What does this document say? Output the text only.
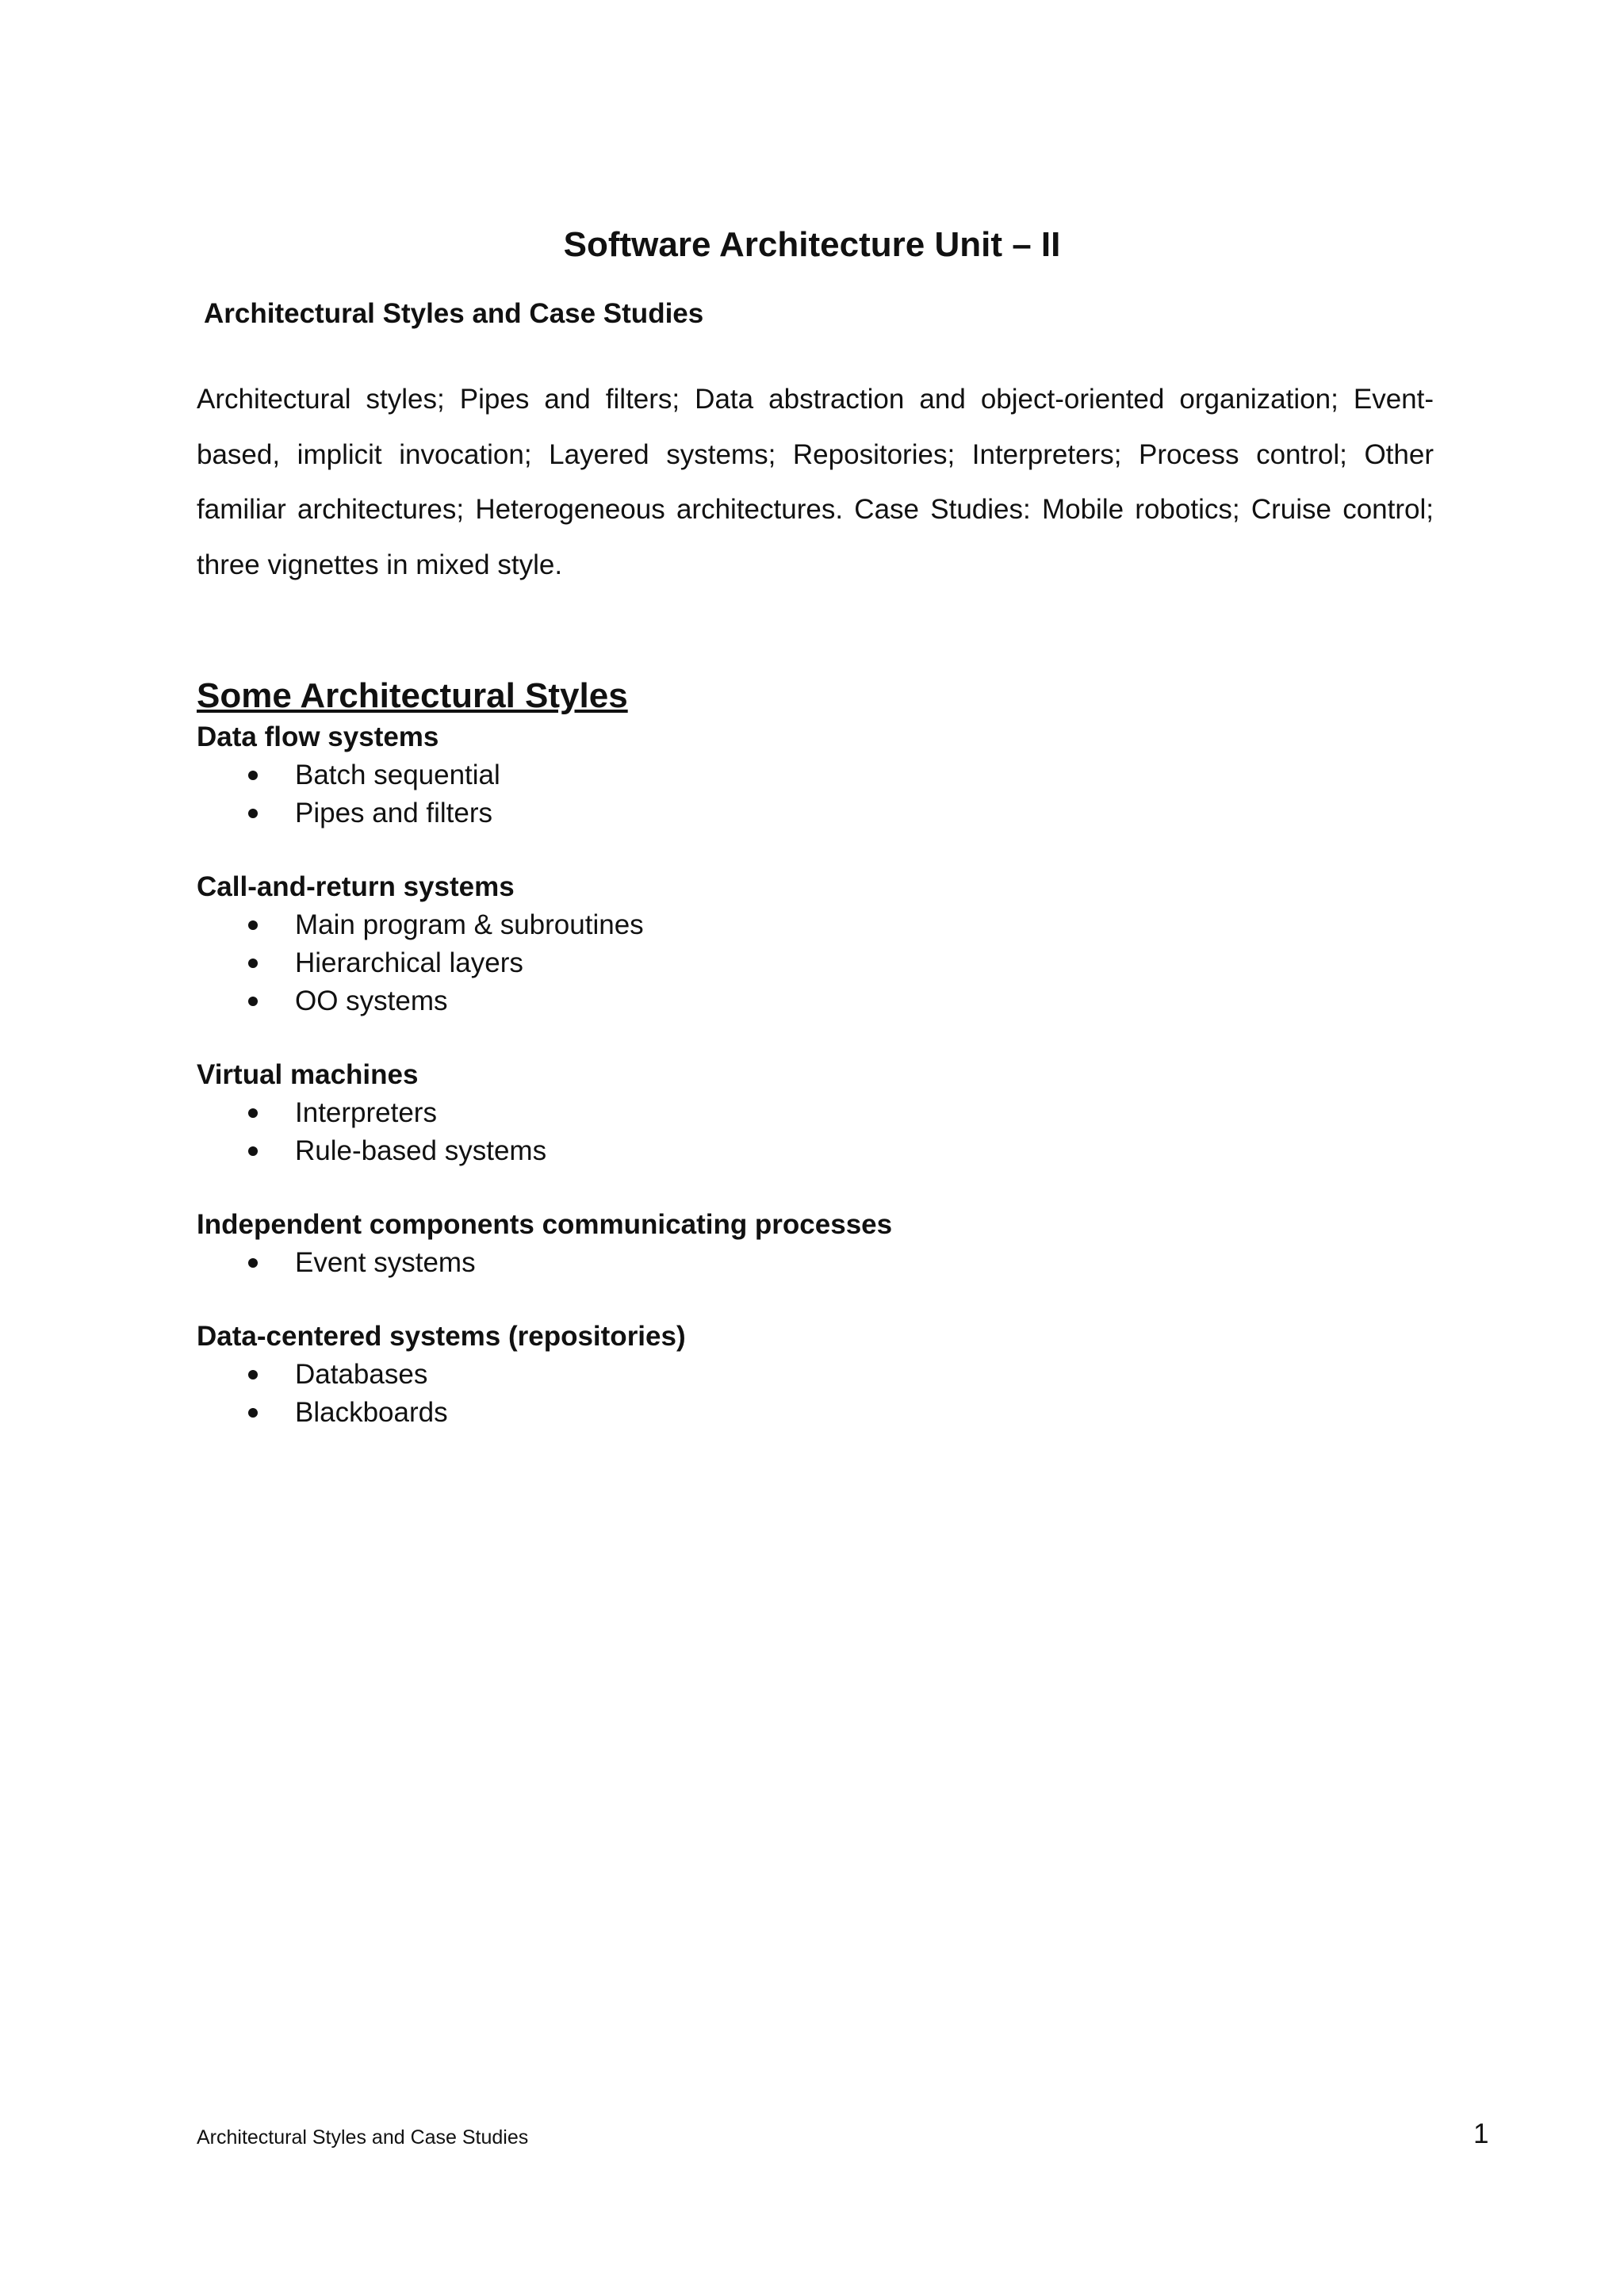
Software Architecture Unit – II
Architectural Styles and Case Studies

Architectural styles; Pipes and filters; Data abstraction and object-oriented organization; Event-based, implicit invocation; Layered systems; Repositories; Interpreters; Process control; Other familiar architectures; Heterogeneous architectures. Case Studies: Mobile robotics; Cruise control; three vignettes in mixed style.

Some Architectural Styles

Data flow systems

Batch sequential
Pipes and filters

Call-and-return systems

Main program & subroutines
Hierarchical layers
OO systems

Virtual machines

Interpreters
Rule-based systems

Independent components communicating processes

Event systems

Data-centered systems (repositories)

Databases
Blackboards
Architectural Styles and Case Studies	1
